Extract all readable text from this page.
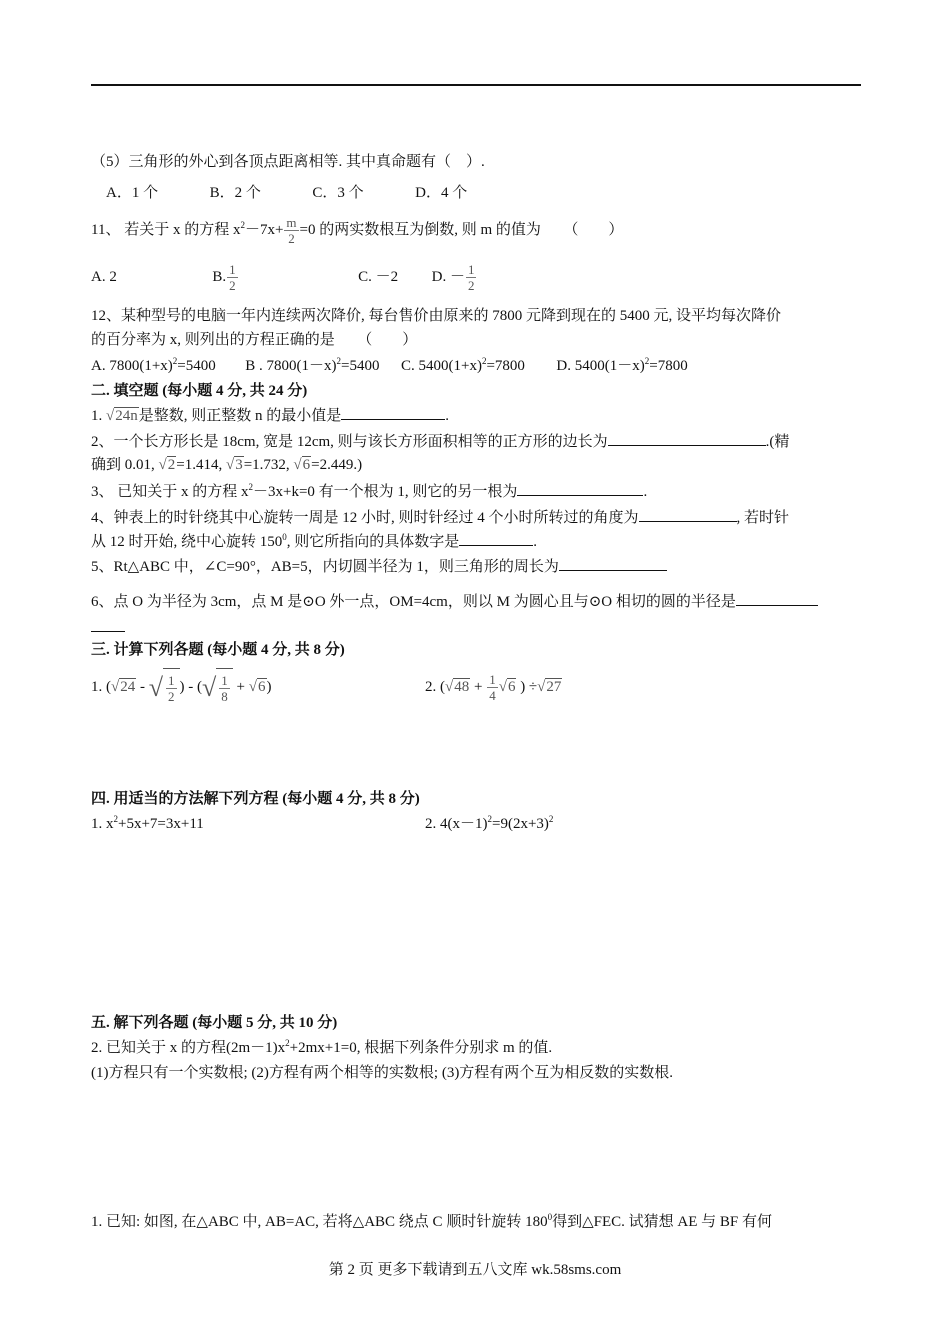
（5）三角形的外心到各顶点距离相等. 其中真命题有（　）.
A．1 个	B．2 个	C．3 个	D．4 个
11、 若关于 x 的方程 $x^2-7x+ \frac{m}{2} =0$ 的两实数根互为倒数, 则 m 的值为　　（　　）
A. 2	B. $\frac{1}{2}$	C. －2 D. － $\frac{1}{2}$
12、某种型号的电脑一年内连续两次降价, 每台售价由原来的 7800 元降到现在的 5400 元, 设平均每次降价
的百分率为 x, 则列出的方程正确的是　　（　　）
A. $7800(1+x)^2=5400$ B . $7800(1-x)^2=5400$ C. $5400(1+x)^2=7800$ D. $5400(1-x)^2=7800$
二. 填空题 (每小题 4 分, 共 24 分)
1. √24n是整数, 则正整数 n 的最小值是	.
2、一个长方形长是 18cm, 宽是 12cm, 则与该长方形面积相等的正方形的边长为	.(精
确到 0.01, √2=1.414, √3=1.732, √6=2.449.)
3、 已知关于 x 的方程 $x^2-3x+k=0$ 有一个根为 1, 则它的另一根为	.
4、钟表上的时针绕其中心旋转一周是 12 小时, 则时针经过 4 个小时所转过的角度为	, 若时针
从 12 时开始, 绕中心旋转 $150^0$, 则它所指向的具体数字是	.
5、Rt△ABC 中，∠C=90°，AB=5，内切圆半径为 1，则三角形的周长为
6、点 O 为半径为 3cm，点 M 是⊙O 外一点，OM=4cm，则以 M 为圆心且与⊙O 相切的圆的半径是
三. 计算下列各题 (每小题 4 分, 共 8 分)
1. (√24 - √ $\frac{1}{2}$ ) - ( √ $\frac{1}{8} + √6$)	2. ($√48 + \frac{1}{4} √6$ ) ÷√27
四. 用适当的方法解下列方程 (每小题 4 分, 共 8 分)
1. $x^2+5x+7=3x+11$	2. $4(x-1)^2=9(2x+3)^2$
五. 解下列各题 (每小题 5 分, 共 10 分)
2. 已知关于 x 的方程$(2m-1)x^2+2mx+1=0$, 根据下列条件分别求 m 的值.
(1)方程只有一个实数根; (2)方程有两个相等的实数根; (3)方程有两个互为相反数的实数根.
1. 已知: 如图, 在△ABC 中, AB=AC, 若将△ABC 绕点 C 顺时针旋转 $180^0$得到△FEC. 试猜想 AE 与 BF 有何
第 2 页 更多下载请到五八文库 wk.58sms.com
